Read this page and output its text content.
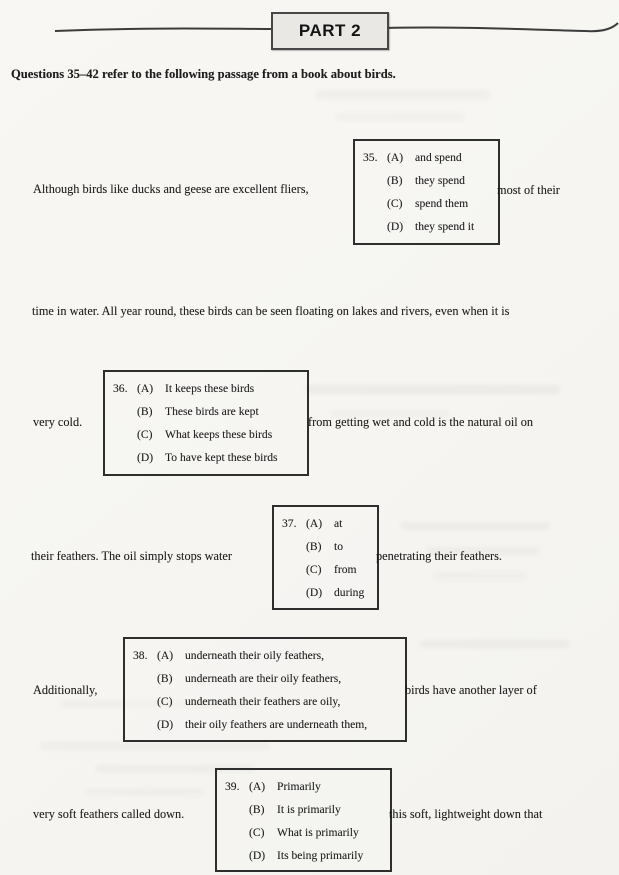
PART 2
Questions 35–42 refer to the following passage from a book about birds.
Although birds like ducks and geese are excellent fliers,
35. (A)	and spend
(B)	they spend
(C)	spend them
(D)	they spend it
most of their
time in water. All year round, these birds can be seen floating on lakes and rivers, even when it is
very cold.
36. (A)	It keeps these birds
(B)	These birds are kept
(C)	What keeps these birds
(D)	To have kept these birds
from getting wet and cold is the natural oil on
their feathers. The oil simply stops water
37. (A)	at
(B)	to
(C)	from
(D)	during
penetrating their feathers.
Additionally,
38. (A)	underneath their oily feathers,
(B)	underneath are their oily feathers,
(C)	underneath their feathers are oily,
(D)	their oily feathers are underneath them,
birds have another layer of
very soft feathers called down.
39. (A)	Primarily
(B)	It is primarily
(C)	What is primarily
(D)	Its being primarily
this soft, lightweight down that
